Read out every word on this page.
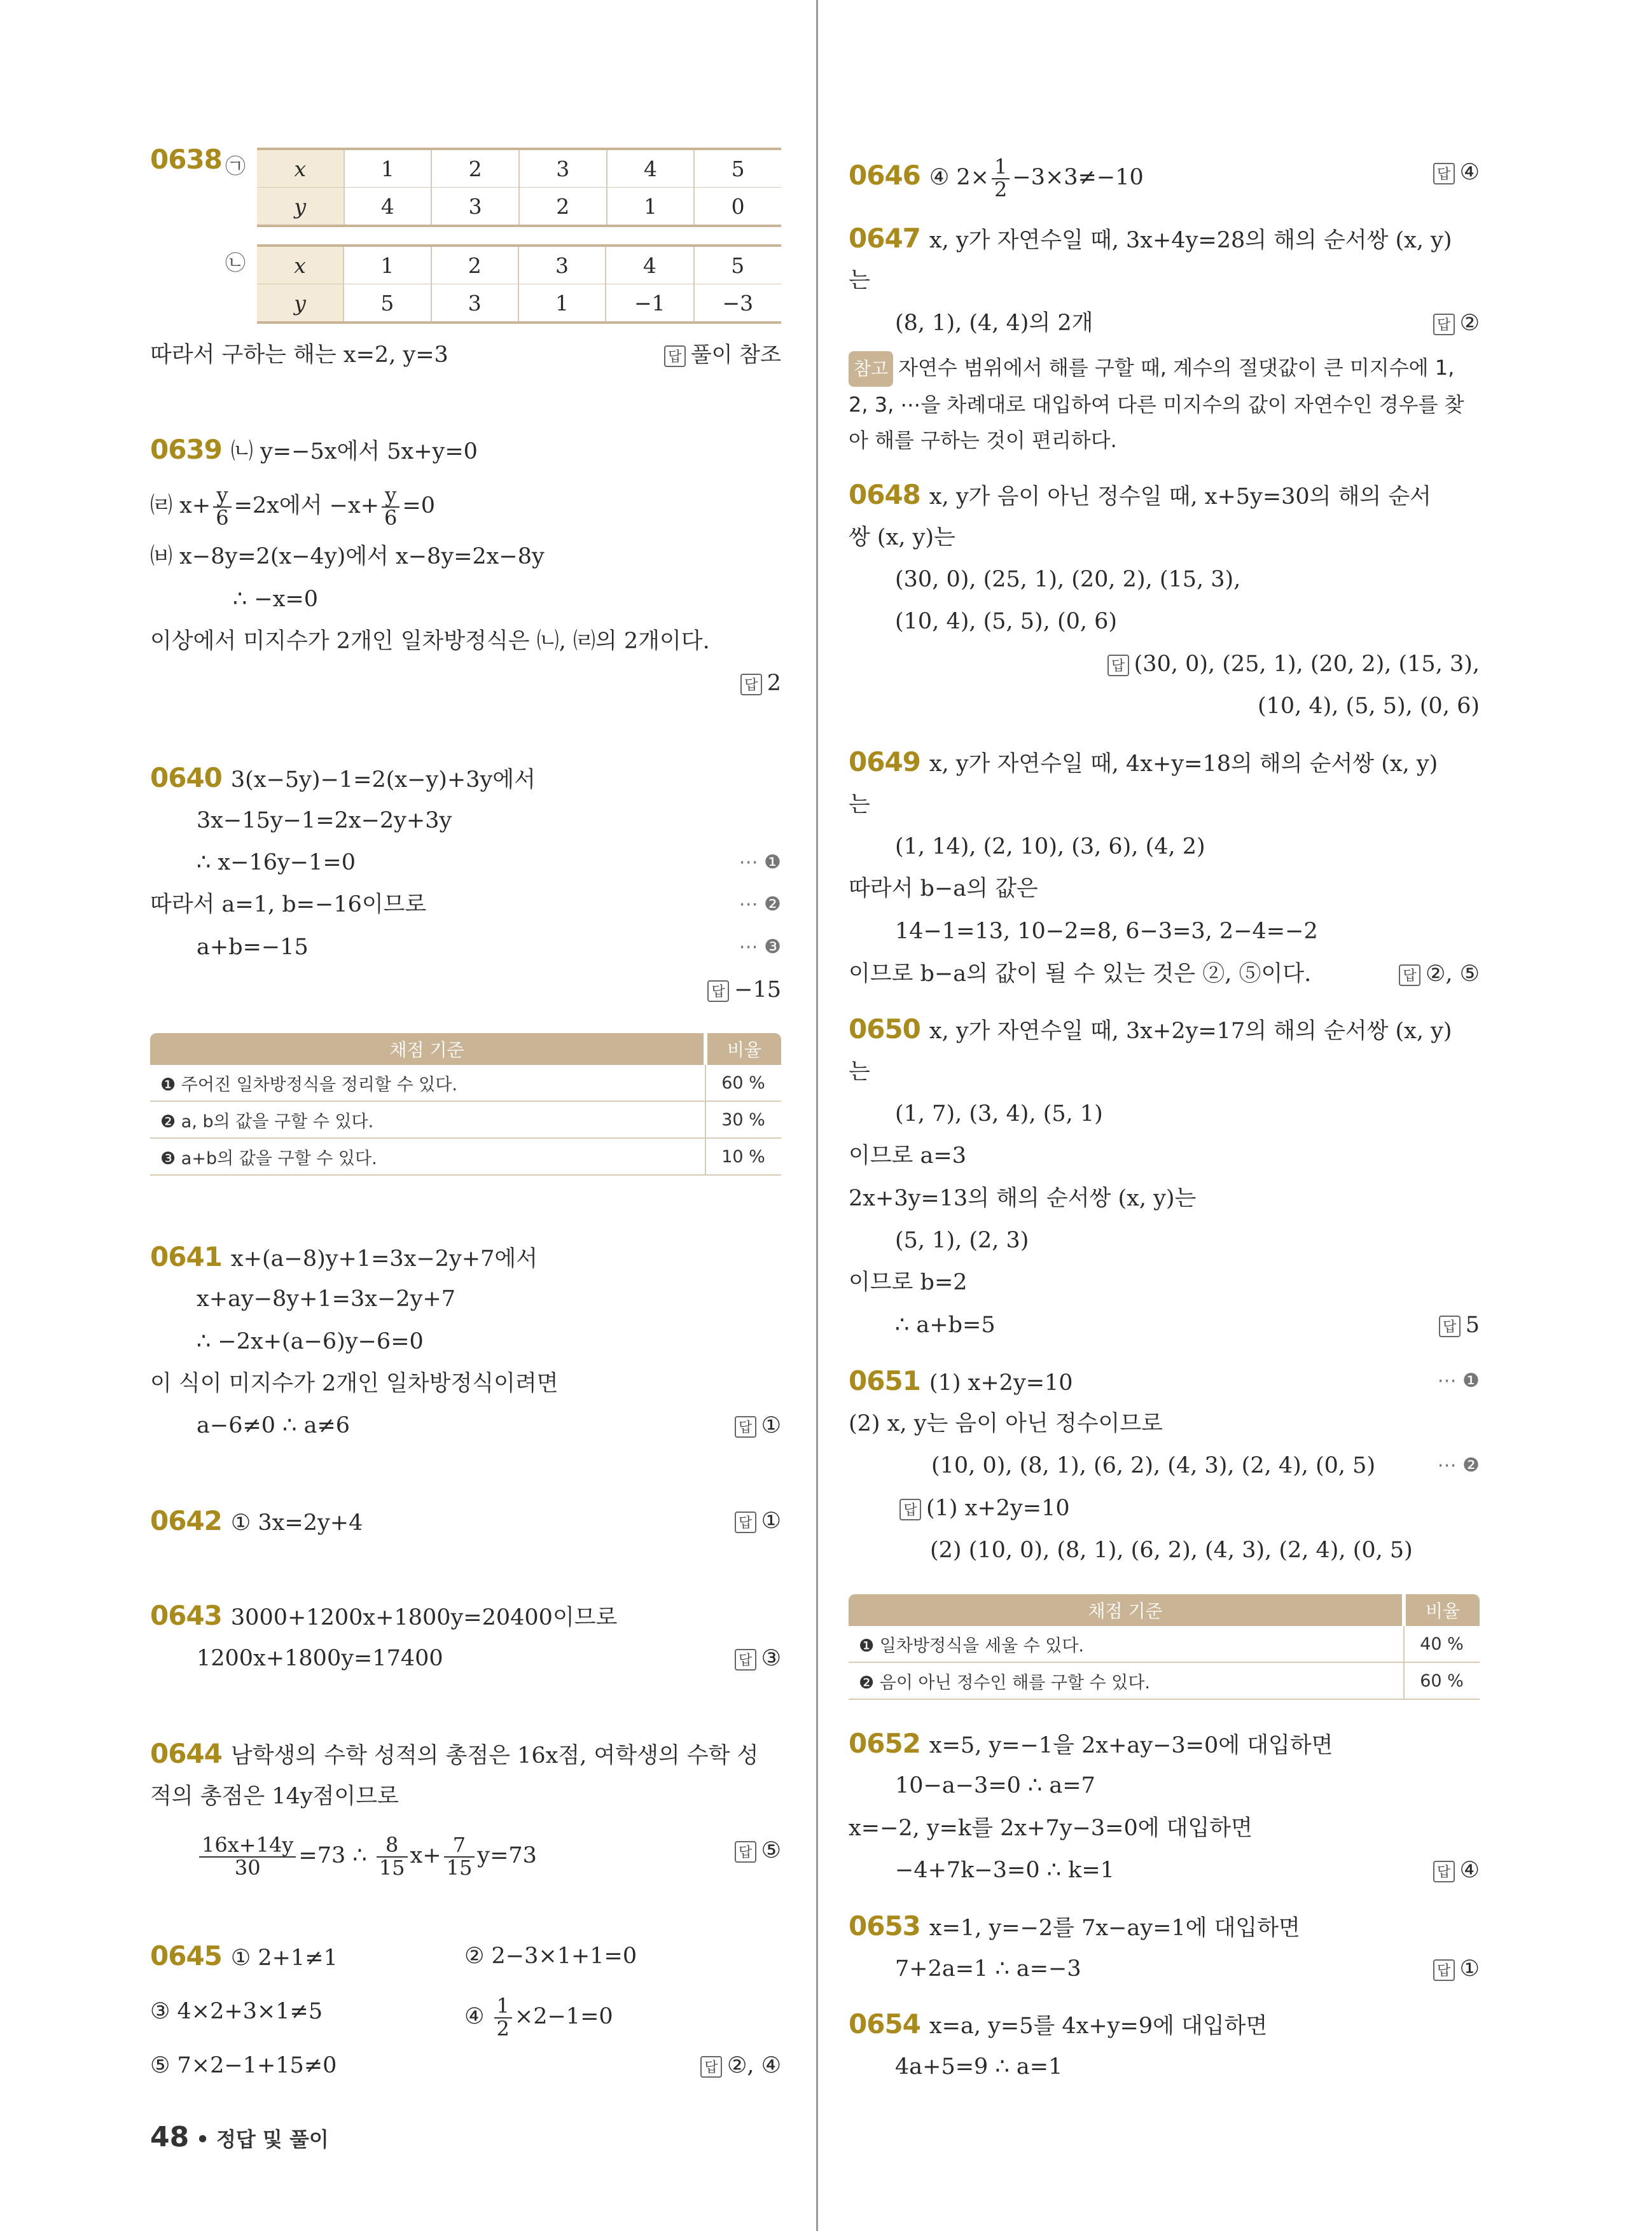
0638 ㉠ x	1	2	3	4	5
y	4	3	2	1	0
㉡ x	1	2	3	4	5
y	5	3	1	−1	−3
따라서 구하는 해는 x=2, y=3	답 풀이 참조
0639 ㈁ y=−5x에서 5x+y=0
㈃ $x+ \frac{y}{6} =2x$에서 $-x+ \frac{y}{6} =0$
㈅ x−8y=2(x−4y)에서 x−8y=2x−8y
∴ −x=0
이상에서 미지수가 2개인 일차방정식은 ㈁, ㈃의 2개이다.
답 2
0640 3(x−5y)−1=2(x−y)+3y에서
3x−15y−1=2x−2y+3y
∴ x−16y−1=0	⋯ ❶
따라서 a=1, b=−16이므로	⋯ ❷
a+b=−15	⋯ ❸
답 −15
채점 기준	비율
❶ 주어진 일차방정식을 정리할 수 있다.	60 %
❷ a, b의 값을 구할 수 있다.	30 %
❸ a+b의 값을 구할 수 있다.	10 %
0641 x+(a−8)y+1=3x−2y+7에서
x+ay−8y+1=3x−2y+7
∴ −2x+(a−6)y−6=0
이 식이 미지수가 2개인 일차방정식이려면
a−6≠0 ∴ a≠6	답 ①
0642 ① 3x=2y+4	답 ①
0643 3000+1200x+1800y=20400이므로
1200x+1800y=17400	답 ③
0644 남학생의 수학 성적의 총점은 16x점, 여학생의 수학 성
적의 총점은 14y점이므로
$\frac{16x+14y}{30} =73$ ∴ $\frac{8}{15} x+ \frac{7}{15} y=73$	답 ⑤
0645 ① 2+1≠1	② 2−3×1+1=0
③ 4×2+3×1≠5	④ $\frac{1}{2} \times 2-1=0$
⑤ 7×2−1+15≠0	답 ②, ④
48 • 정답 및 풀이
0646 ④ $2\times \frac{1}{2} -3\times 3\ne-10$	답 ④
0647 x, y가 자연수일 때, 3x+4y=28의 해의 순서쌍 (x, y)
는
(8, 1), (4, 4)의 2개	답 ②
참고 자연수 범위에서 해를 구할 때, 계수의 절댓값이 큰 미지수에 1,
2, 3, ⋯을 차례대로 대입하여 다른 미지수의 값이 자연수인 경우를 찾
아 해를 구하는 것이 편리하다.
0648 x, y가 음이 아닌 정수일 때, x+5y=30의 해의 순서
쌍 (x, y)는
(30, 0), (25, 1), (20, 2), (15, 3),
(10, 4), (5, 5), (0, 6)
답 (30, 0), (25, 1), (20, 2), (15, 3),
(10, 4), (5, 5), (0, 6)
0649 x, y가 자연수일 때, 4x+y=18의 해의 순서쌍 (x, y)
는
(1, 14), (2, 10), (3, 6), (4, 2)
따라서 b−a의 값은
14−1=13, 10−2=8, 6−3=3, 2−4=−2
이므로 b−a의 값이 될 수 있는 것은 ②, ⑤이다.	답 ②, ⑤
0650 x, y가 자연수일 때, 3x+2y=17의 해의 순서쌍 (x, y)
는
(1, 7), (3, 4), (5, 1)
이므로 a=3
2x+3y=13의 해의 순서쌍 (x, y)는
(5, 1), (2, 3)
이므로 b=2
∴ a+b=5	답 5
0651 (1) x+2y=10	⋯ ❶
(2) x, y는 음이 아닌 정수이므로
(10, 0), (8, 1), (6, 2), (4, 3), (2, 4), (0, 5)	⋯ ❷
답 (1) x+2y=10
(2) (10, 0), (8, 1), (6, 2), (4, 3), (2, 4), (0, 5)
채점 기준	비율
❶ 일차방정식을 세울 수 있다.	40 %
❷ 음이 아닌 정수인 해를 구할 수 있다.	60 %
0652 x=5, y=−1을 2x+ay−3=0에 대입하면
10−a−3=0 ∴ a=7
x=−2, y=k를 2x+7y−3=0에 대입하면
−4+7k−3=0 ∴ k=1	답 ④
0653 x=1, y=−2를 7x−ay=1에 대입하면
7+2a=1 ∴ a=−3	답 ①
0654 x=a, y=5를 4x+y=9에 대입하면
4a+5=9 ∴ a=1
